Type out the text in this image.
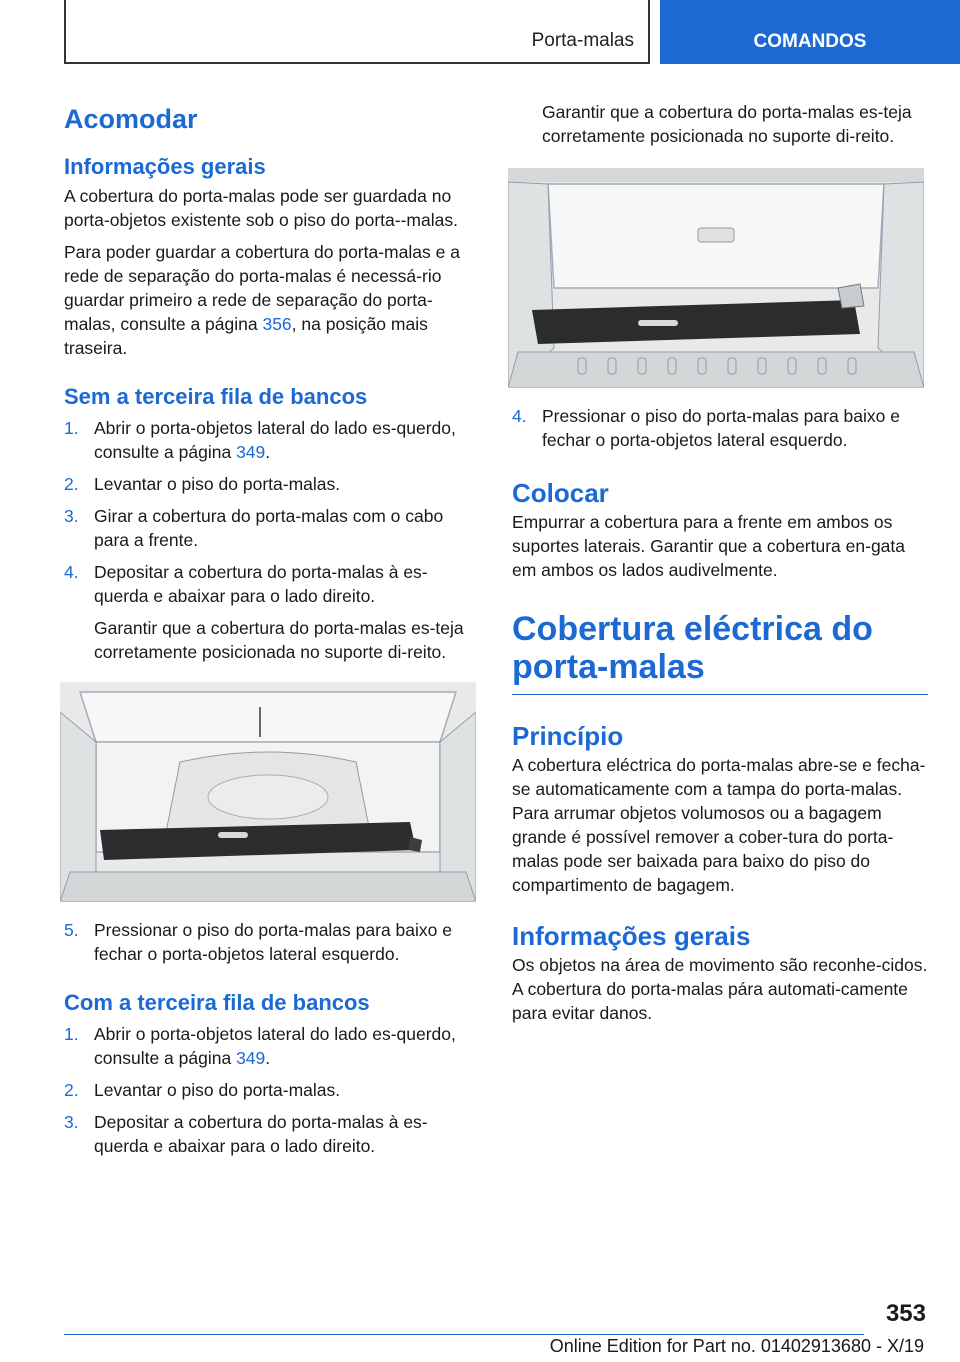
Porta-malas	COMANDOS
Acomodar
Informações gerais

A cobertura do porta-malas pode ser guardada no porta-objetos existente sob o piso do porta--malas.

Para poder guardar a cobertura do porta-malas e a rede de separação do porta-malas é necessá-rio guardar primeiro a rede de separação do porta-malas, consulte a página 356, na posição mais traseira.

Sem a terceira fila de bancos
1. Abrir o porta-objetos lateral do lado es-querdo, consulte a página 349.
2. Levantar o piso do porta-malas.
3. Girar a cobertura do porta-malas com o cabo para a frente.
4. Depositar a cobertura do porta-malas à es-querda e abaixar para o lado direito.
Garantir que a cobertura do porta-malas es-teja corretamente posicionada no suporte di-reito.
5. Pressionar o piso do porta-malas para baixo e fechar o porta-objetos lateral esquerdo.
Com a terceira fila de bancos
1. Abrir o porta-objetos lateral do lado es-querdo, consulte a página 349.
2. Levantar o piso do porta-malas.
3. Depositar a cobertura do porta-malas à es-querda e abaixar para o lado direito.

Garantir que a cobertura do porta-malas es-teja corretamente posicionada no suporte di-reito.

4. Pressionar o piso do porta-malas para baixo e fechar o porta-objetos lateral esquerdo.
Colocar

Empurrar a cobertura para a frente em ambos os suportes laterais. Garantir que a cobertura en-gata em ambos os lados audivelmente.

Cobertura eléctrica do porta-malas
Princípio

A cobertura eléctrica do porta-malas abre-se e fecha-se automaticamente com a tampa do porta-malas. Para arrumar objetos volumosos ou a bagagem grande é possível remover a cober-tura do porta-malas pode ser baixada para baixo do piso do compartimento de bagagem.

Informações gerais

Os objetos na área de movimento são reconhe-cidos. A cobertura do porta-malas pára automati-camente para evitar danos.

353
Online Edition for Part no. 01402913680 - X/19
